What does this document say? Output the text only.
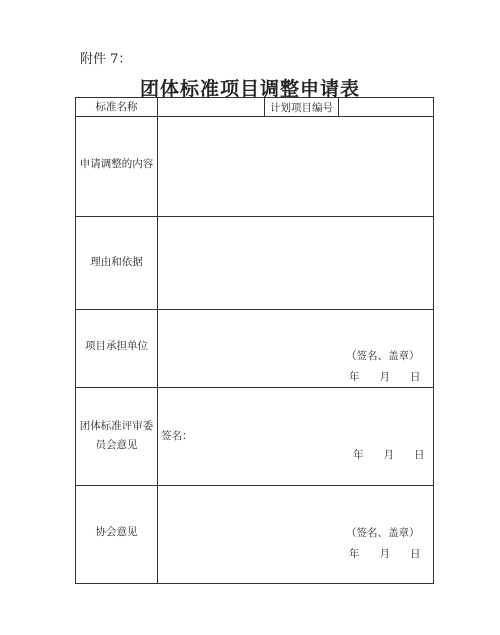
附件 7：
团体标准项目调整申请表
标准名称	计划项目编号
申请调整的内容
理由和依据
项目承担单位
（签名、盖章）
年      月      日
团体标准评审委
员会意见
签名：
年      月      日
协会意见	（签名、盖章）
年      月      日
